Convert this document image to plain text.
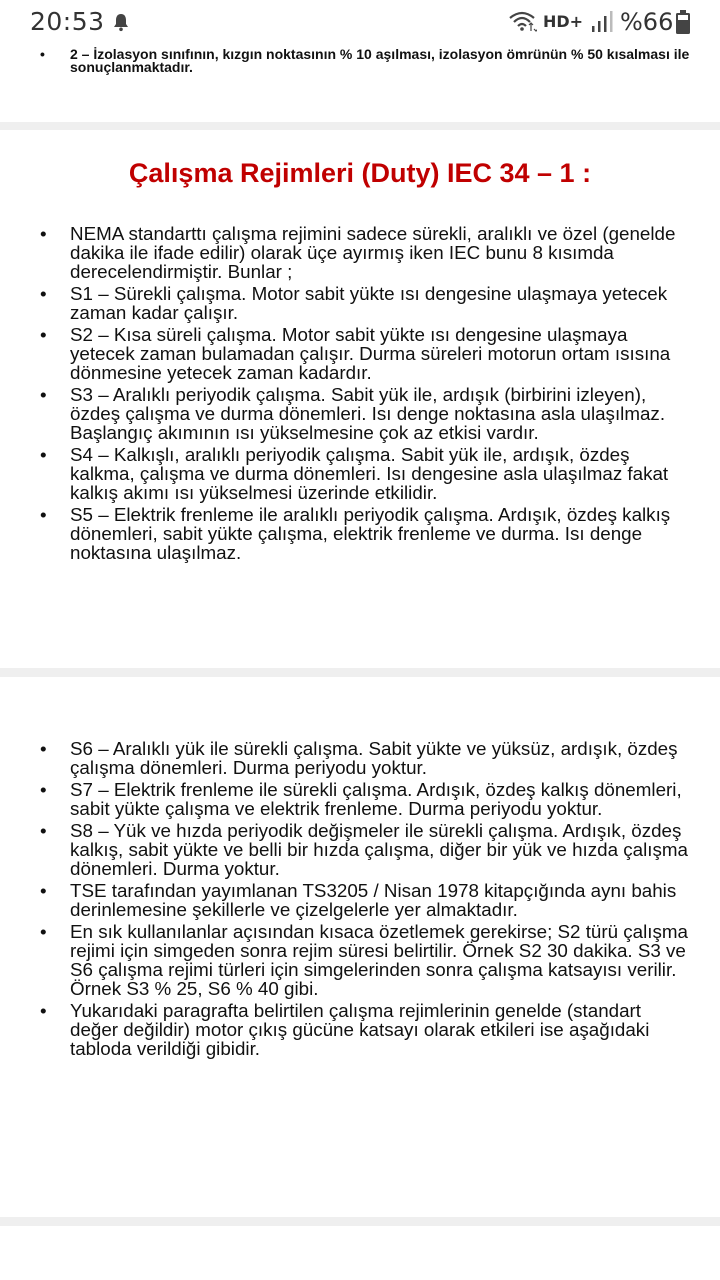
20:53	HD+ %66
• 2 – İzolasyon sınıfının, kızgın noktasının % 10 aşılması, izolasyon ömrünün % 50 kısalması ile sonuçlanmaktadır.
Çalışma Rejimleri (Duty) IEC 34 – 1 :
• NEMA standarttı çalışma rejimini sadece sürekli, aralıklı ve özel (genelde dakika ile ifade edilir) olarak üçe ayırmış iken IEC bunu 8 kısımda derecelendirmiştir. Bunlar ;
• S1 – Sürekli çalışma. Motor sabit yükte ısı dengesine ulaşmaya yetecek zaman kadar çalışır.
• S2 – Kısa süreli çalışma. Motor sabit yükte ısı dengesine ulaşmaya yetecek zaman bulamadan çalışır. Durma süreleri motorun ortam ısısına dönmesine yetecek zaman kadardır.
• S3 – Aralıklı periyodik çalışma. Sabit yük ile, ardışık (birbirini izleyen), özdeş çalışma ve durma dönemleri. Isı denge noktasına asla ulaşılmaz. Başlangıç akımının ısı yükselmesine çok az etkisi vardır.
• S4 – Kalkışlı, aralıklı periyodik çalışma. Sabit yük ile, ardışık, özdeş kalkma, çalışma ve durma dönemleri. Isı dengesine asla ulaşılmaz fakat kalkış akımı ısı yükselmesi üzerinde etkilidir.
• S5 – Elektrik frenleme ile aralıklı periyodik çalışma. Ardışık, özdeş kalkış dönemleri, sabit yükte çalışma, elektrik frenleme ve durma. Isı denge noktasına ulaşılmaz.
• S6 – Aralıklı yük ile sürekli çalışma. Sabit yükte ve yüksüz, ardışık, özdeş çalışma dönemleri. Durma periyodu yoktur.
• S7 – Elektrik frenleme ile sürekli çalışma. Ardışık, özdeş kalkış dönemleri, sabit yükte çalışma ve elektrik frenleme. Durma periyodu yoktur.
• S8 – Yük ve hızda periyodik değişmeler ile sürekli çalışma. Ardışık, özdeş kalkış, sabit yükte ve belli bir hızda çalışma, diğer bir yük ve hızda çalışma dönemleri. Durma yoktur.
• TSE tarafından yayımlanan TS3205 / Nisan 1978 kitapçığında aynı bahis derinlemesine şekillerle ve çizelgelerle yer almaktadır.
• En sık kullanılanlar açısından kısaca özetlemek gerekirse; S2 türü çalışma rejimi için simgeden sonra rejim süresi belirtilir. Örnek S2 30 dakika. S3 ve S6 çalışma rejimi türleri için simgelerinden sonra çalışma katsayısı verilir. Örnek S3 % 25, S6 % 40 gibi.
• Yukarıdaki paragrafta belirtilen çalışma rejimlerinin genelde (standart değer değildir) motor çıkış gücüne katsayı olarak etkileri ise aşağıdaki tabloda verildiği gibidir.
